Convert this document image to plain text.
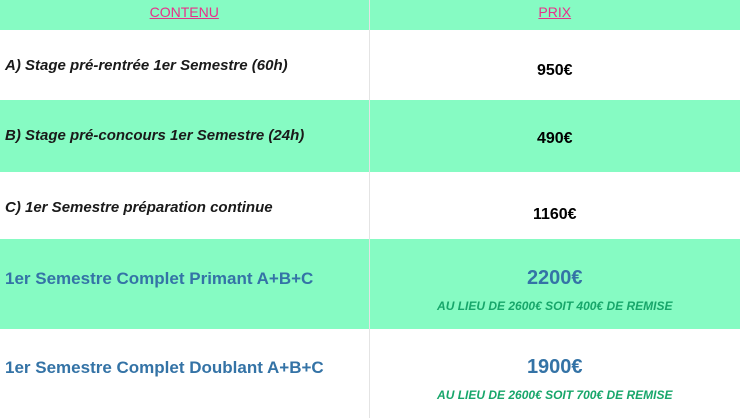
CONTENU	PRIX
A) Stage pré-rentrée 1er Semestre (60h)	950€
B) Stage pré-concours 1er Semestre (24h)	490€
C) 1er Semestre préparation continue	1160€
1er Semestre Complet Primant A+B+C	2200€
AU LIEU DE 2600€ SOIT 400€ DE REMISE

1er Semestre Complet Doublant A+B+C	1900€
AU LIEU DE 2600€ SOIT 700€ DE REMISE
